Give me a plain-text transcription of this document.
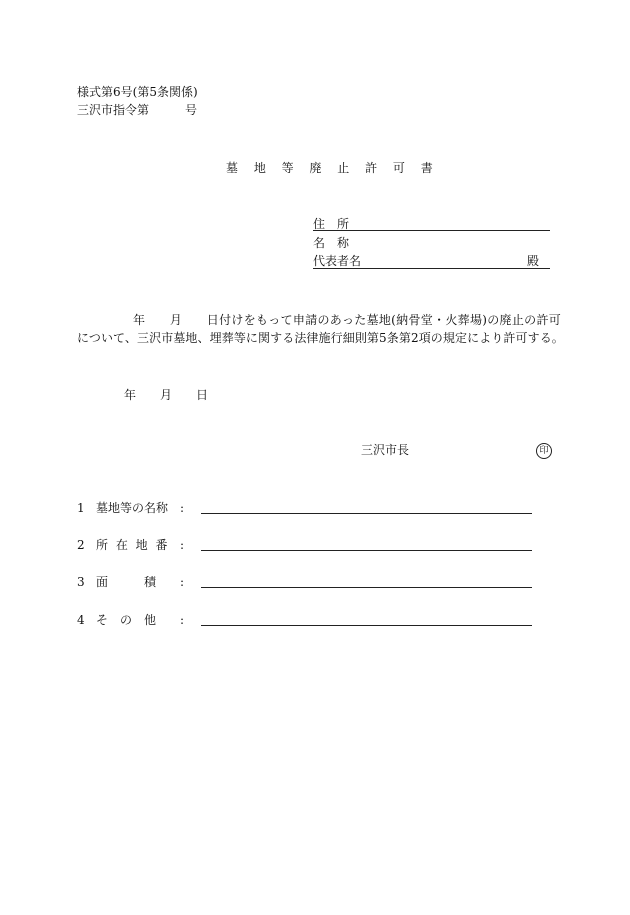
様式第6号(第5条関係)
三沢市指令第	号
墓 地 等 廃 止 許 可 書
住　所
名　称
代表者名	殿
年　　月　　日付けをもって申請のあった墓地(納骨堂・火葬場)の廃止の許可
について、三沢市墓地、埋葬等に関する法律施行細則第5条第2項の規定により許可する。
年 月 日
三沢市長	印
1 墓地等の名称 :
2 所 在 地 番 :
3 面　　　積 :
4 そ　の　他 :
